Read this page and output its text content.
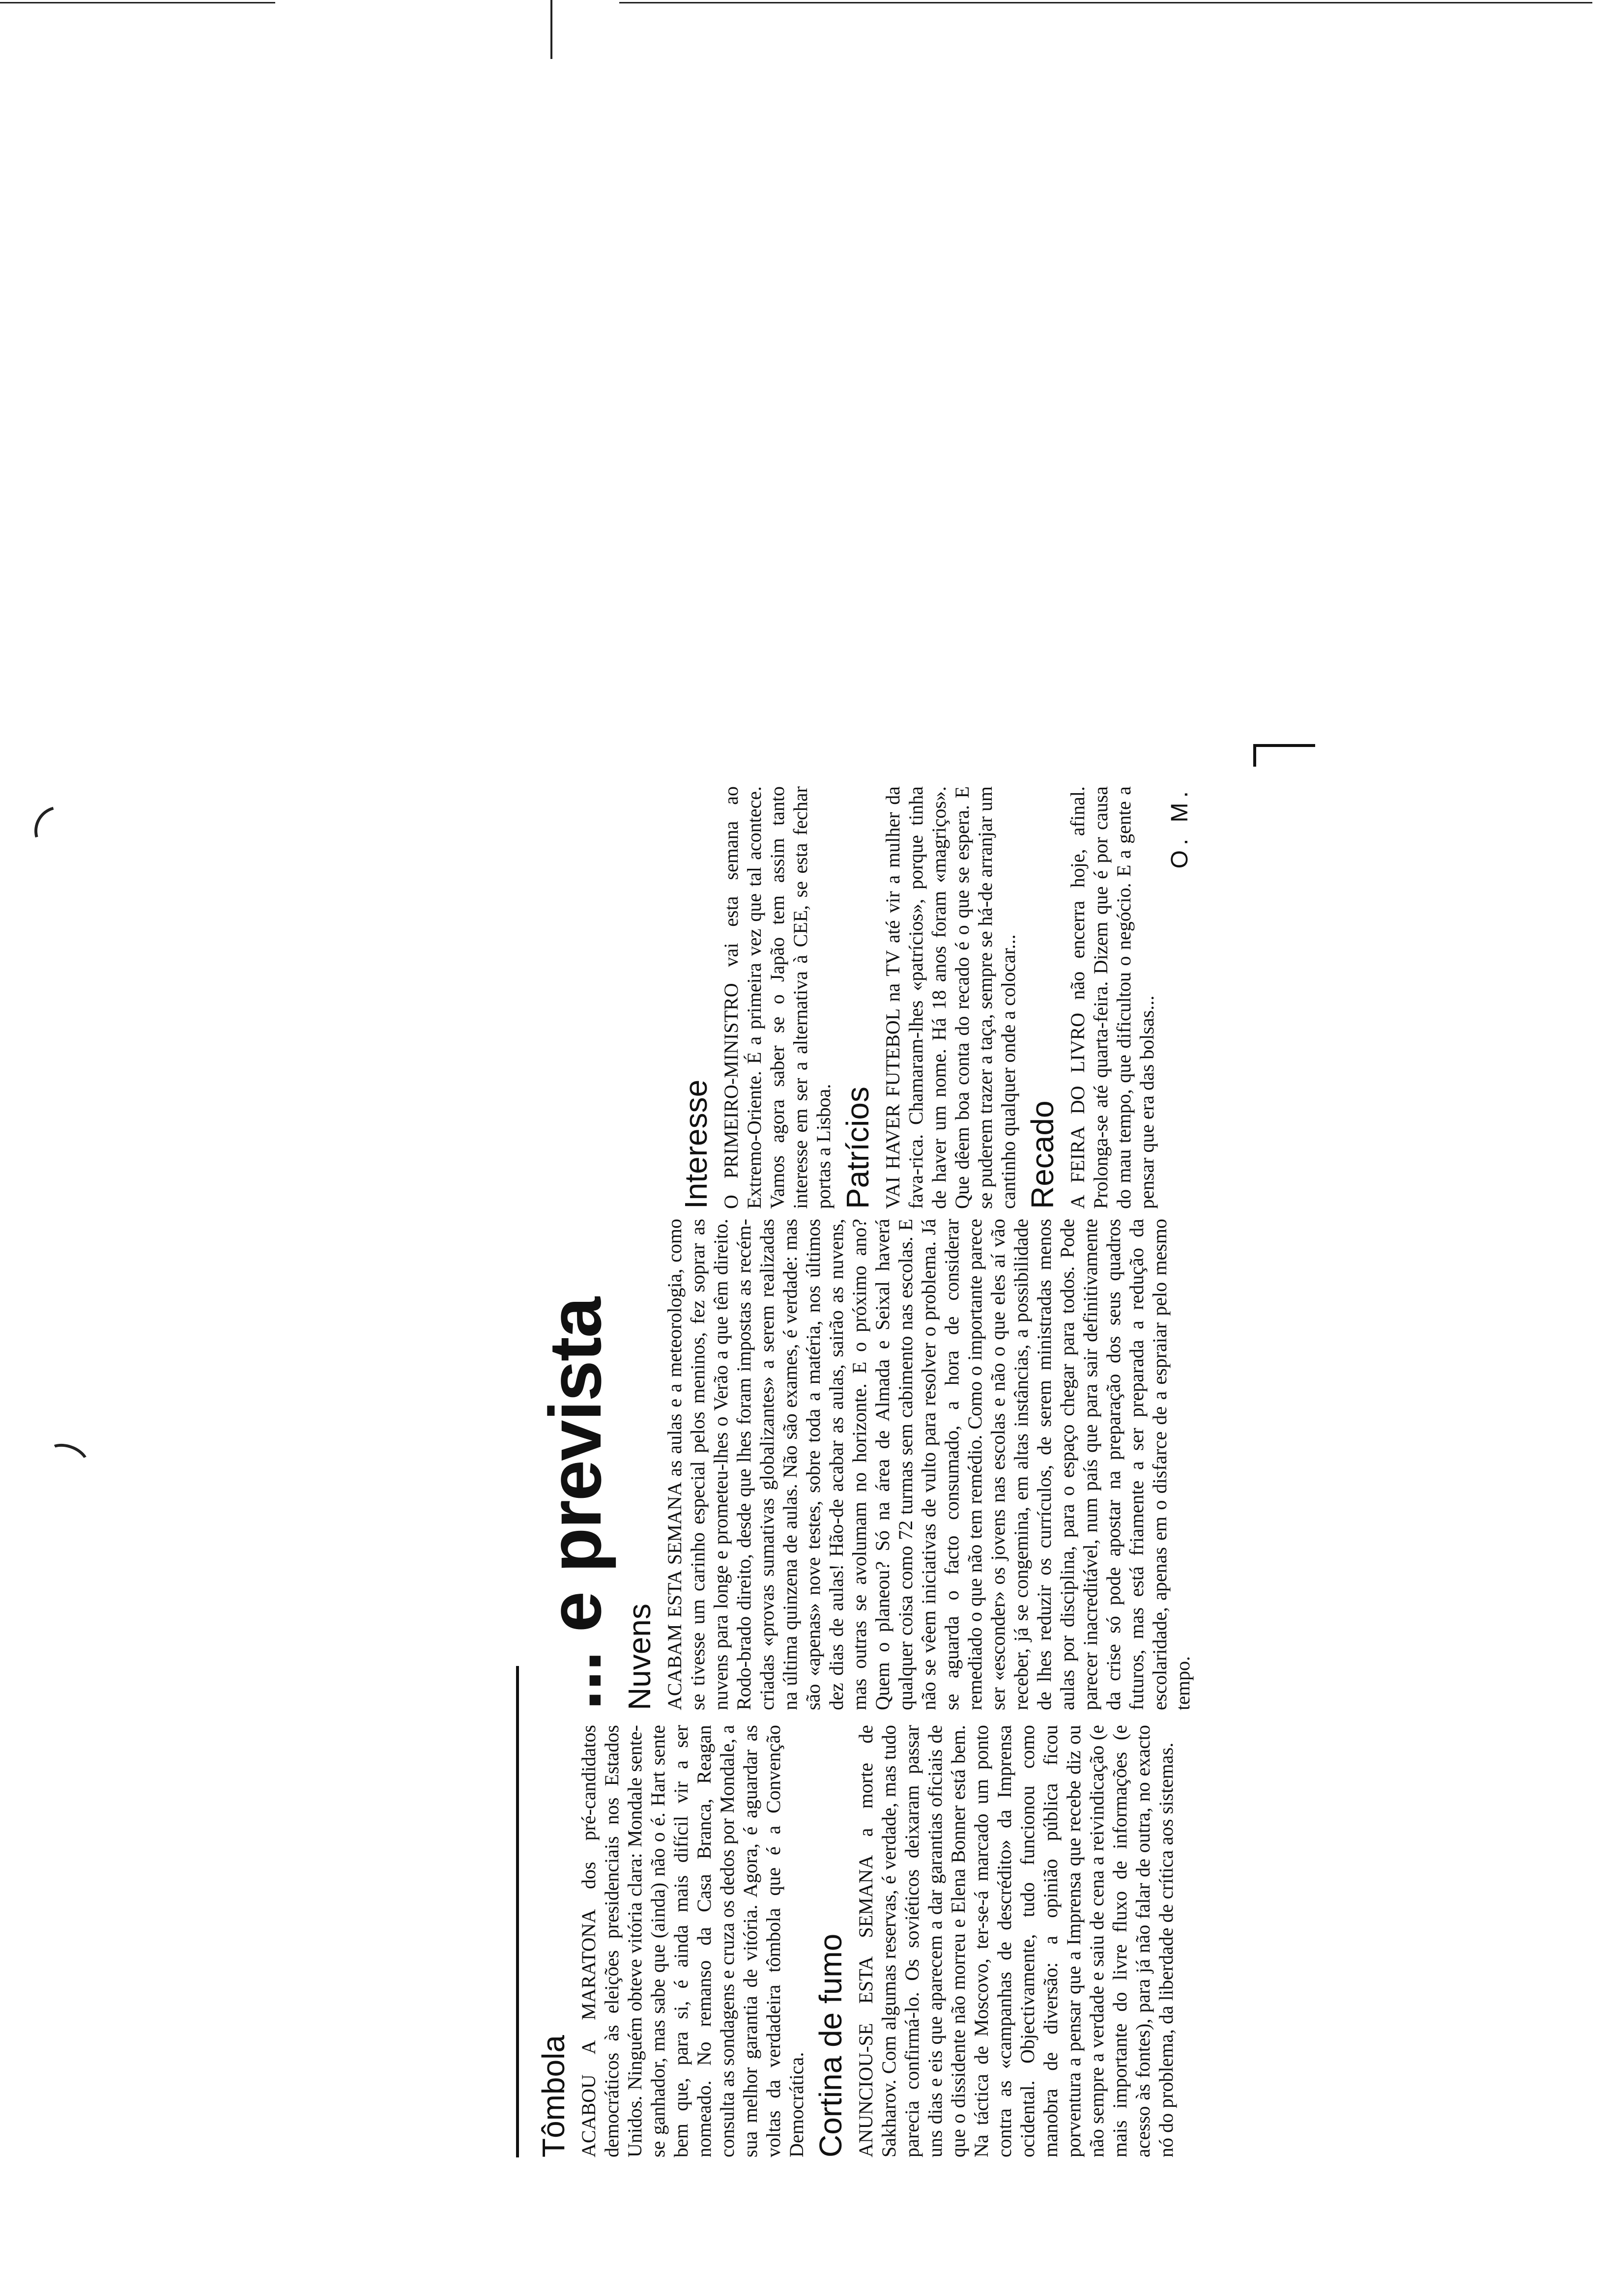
Tômbola ACABOU A MARATONA dos pré-candidatos democráticos às eleições presidenciais nos Estados Unidos. Ninguém obteve vitória clara: Mondale sente-se ganhador, mas sabe que (ainda) não o é. Hart sente bem que, para si, é ainda mais difícil vir a ser nomeado. No remanso da Casa Branca, Reagan consulta as sondagens e cruza os dedos por Mondale, a sua melhor garantia de vitória. Agora, é aguardar as voltas da verdadeira tômbola que é a Convenção Democrática. Cortina de fumo ANUNCIOU-SE ESTA SEMANA a morte de Sakharov. Com algumas reservas, é verdade, mas tudo parecia confirmá-lo. Os soviéticos deixaram passar uns dias e eis que aparecem a dar garantias oficiais de que o dissidente não morreu e Elena Bonner está bem. Na táctica de Moscovo, ter-se-á marcado um ponto contra as «campanhas de descrédito» da Imprensa ocidental. Objectivamente, tudo funcionou como manobra de diversão: a opinião pública ficou porventura a pensar que a Imprensa que recebe diz ou não sempre a verdade e saiu de cena a reivindicação (e mais importante do livre fluxo de informações (e acesso às fontes), para já não falar de outra, no exacto nó do problema, da liberdade de crítica aos sistemas.

... e prevista Nuvens ACABAM ESTA SEMANA as aulas e a meteorologia, como se tivesse um carinho especial pelos meninos, fez soprar as nuvens para longe e prometeu-lhes o Verão a que têm direito. Rodo-brado direito, desde que lhes foram impostas as recém-criadas «provas sumativas globalizantes» a serem realizadas na última quinzena de aulas. Não são exames, é verdade: mas são «apenas» nove testes, sobre toda a matéria, nos últimos dez dias de aulas! Hão-de acabar as aulas, sairão as nuvens, mas outras se avolumam no horizonte. E o próximo ano? Quem o planeou? Só na área de Almada e Seixal haverá qualquer coisa como 72 turmas sem cabimento nas escolas. E não se vêem iniciativas de vulto para resolver o problema. Já se aguarda o facto consumado, a hora de considerar remediado o que não tem remédio. Como o importante parece ser «esconder» os jovens nas escolas e não o que eles aí vão receber, já se congemina, em altas instâncias, a possibilidade de lhes reduzir os currículos, de serem ministradas menos aulas por disciplina, para o espaço chegar para todos. Pode parecer inacreditável, num país que para sair definitivamente da crise só pode apostar na preparação dos seus quadros futuros, mas está friamente a ser preparada a redução da escolaridade, apenas em o disfarce de a espraiar pelo mesmo tempo.

Interesse O PRIMEIRO-MINISTRO vai esta semana ao Extremo-Oriente. É a primeira vez que tal acontece. Vamos agora saber se o Japão tem assim tanto interesse em ser a alternativa à CEE, se esta fechar portas a Lisboa. Patrícios VAI HAVER FUTEBOL na TV até vir a mulher da fava-rica. Chamaram-lhes «patrícios», porque tinha de haver um nome. Há 18 anos foram «magriços». Que dêem boa conta do recado é o que se espera. E se puderem trazer a taça, sempre se há-de arranjar um cantinho qualquer onde a colocar... Recado A FEIRA DO LIVRO não encerra hoje, afinal. Prolonga-se até quarta-feira. Dizem que é por causa do mau tempo, que dificultou o negócio. E a gente a pensar que era das bolsas...

O. M.
